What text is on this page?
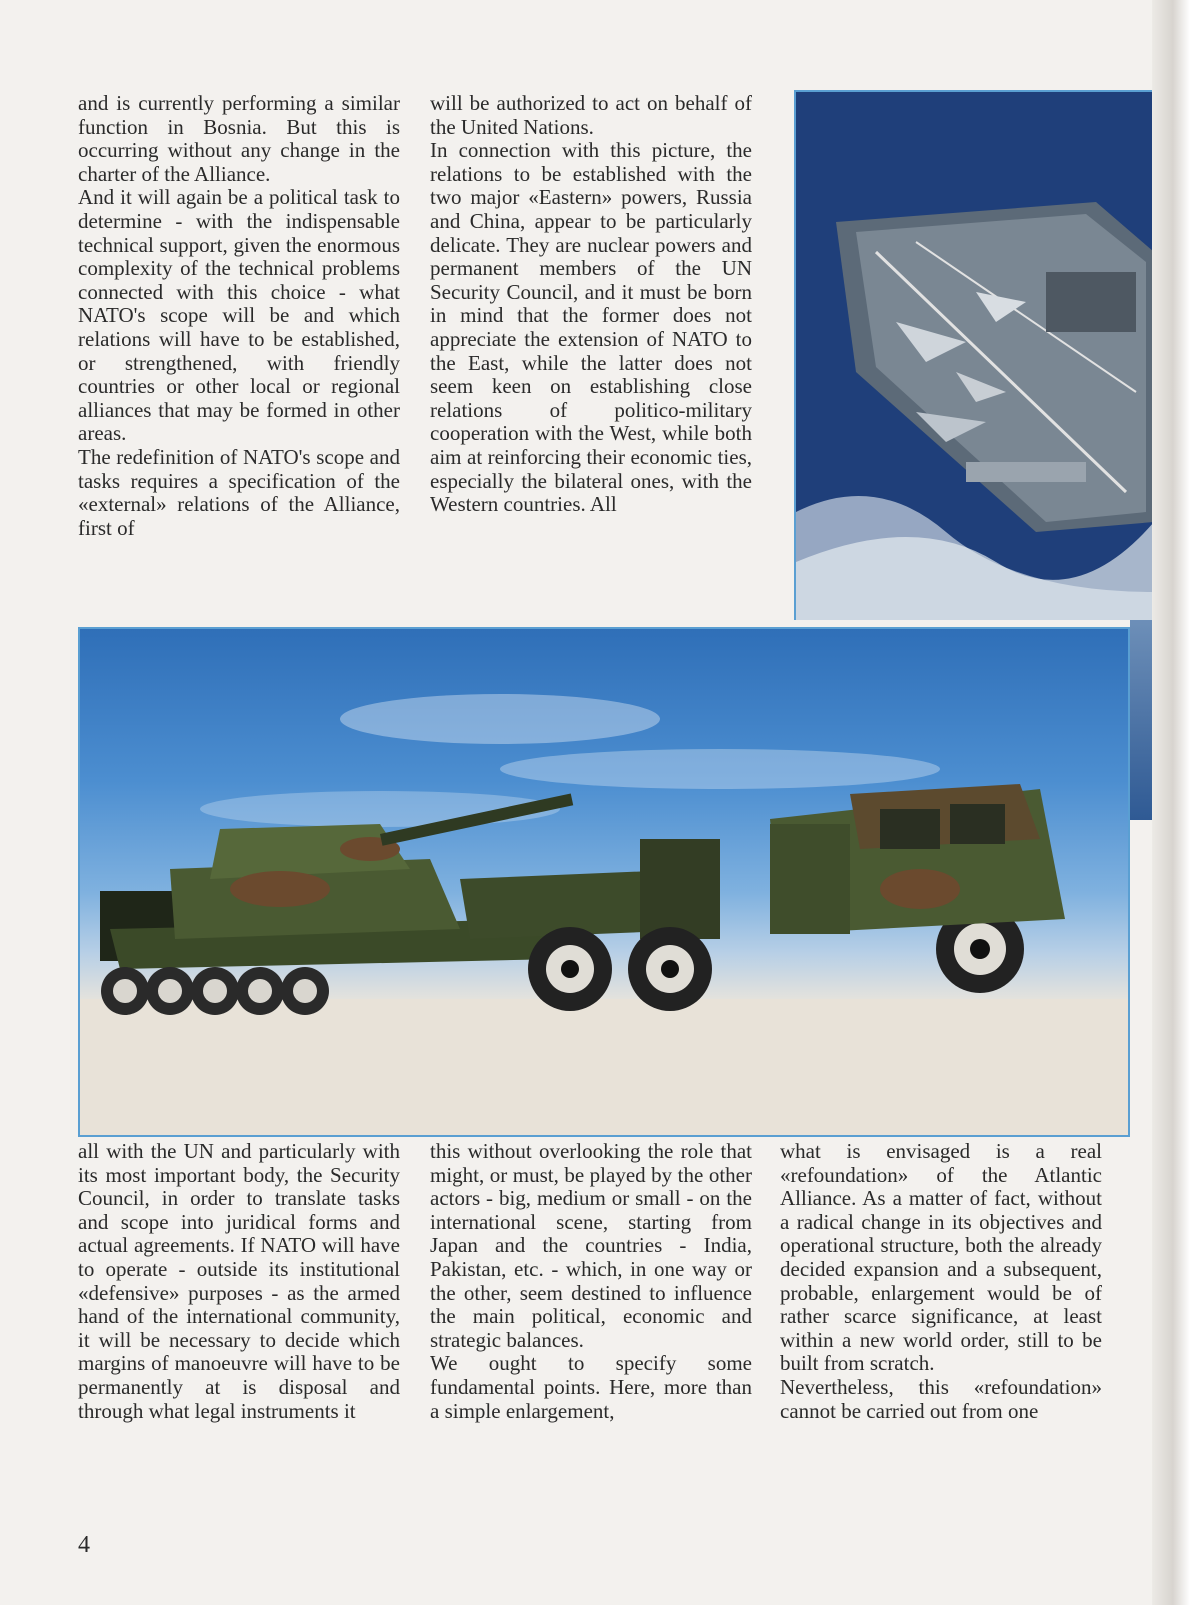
and is currently performing a similar function in Bosnia. But this is occurring without any change in the charter of the Alliance.

And it will again be a political task to determine - with the indispensable technical support, given the enormous complexity of the technical problems connected with this choice - what NATO's scope will be and which relations will have to be established, or strengthened, with friendly countries or other local or regional alliances that may be formed in other areas.

The redefinition of NATO's scope and tasks requires a specification of the «external» relations of the Alliance, first of

will be authorized to act on behalf of the United Nations.

In connection with this picture, the relations to be established with the two major «Eastern» powers, Russia and China, appear to be particularly delicate. They are nuclear powers and permanent members of the UN Security Council, and it must be born in mind that the former does not appreciate the extension of NATO to the East, while the latter does not seem keen on establishing close relations of politico-military cooperation with the West, while both aim at reinforcing their economic ties, especially the bilateral ones, with the Western countries. All

all with the UN and particularly with its most important body, the Security Council, in order to translate tasks and scope into juridical forms and actual agreements. If NATO will have to operate - outside its institutional «defensive» purposes - as the armed hand of the international community, it will be necessary to decide which margins of manoeuvre will have to be permanently at is disposal and through what legal instruments it

this without overlooking the role that might, or must, be played by the other actors - big, medium or small - on the international scene, starting from Japan and the countries - India, Pakistan, etc. - which, in one way or the other, seem destined to influence the main political, economic and strategic balances.

We ought to specify some fundamental points. Here, more than a simple enlargement,

what is envisaged is a real «refoundation» of the Atlantic Alliance. As a matter of fact, without a radical change in its objectives and operational structure, both the already decided expansion and a subsequent, probable, enlargement would be of rather scarce significance, at least within a new world order, still to be built from scratch.

Nevertheless, this «refoundation» cannot be carried out from one

4
